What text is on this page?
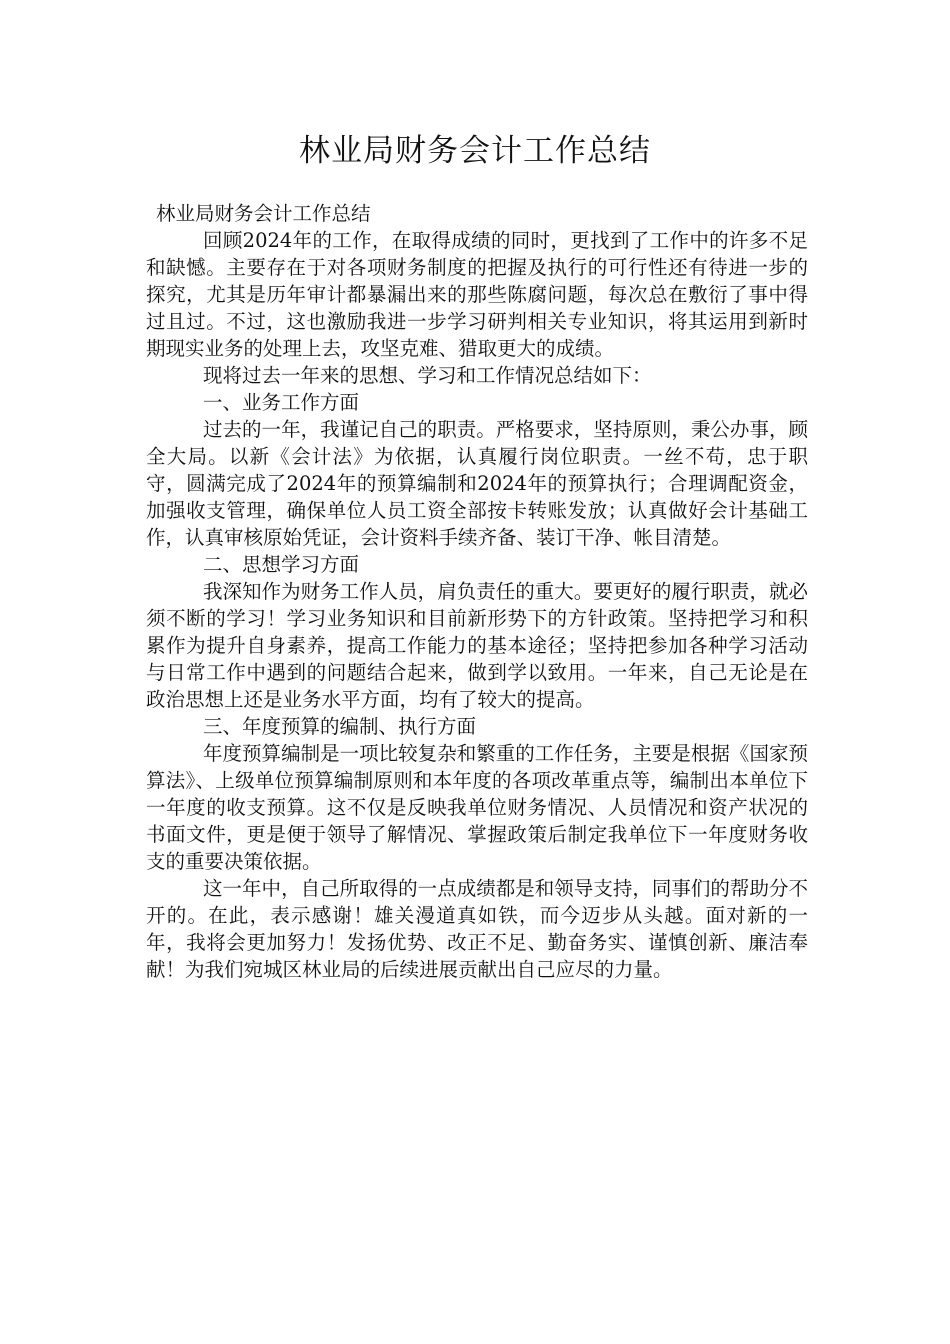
林业局财务会计工作总结

林业局财务会计工作总结

回顾2024年的工作，在取得成绩的同时，更找到了工作中的许多不足和缺憾。主要存在于对各项财务制度的把握及执行的可行性还有待进一步的探究，尤其是历年审计都暴漏出来的那些陈腐问题，每次总在敷衍了事中得过且过。不过，这也激励我进一步学习研判相关专业知识，将其运用到新时期现实业务的处理上去，攻坚克难、猎取更大的成绩。

现将过去一年来的思想、学习和工作情况总结如下：

一、业务工作方面

过去的一年，我谨记自己的职责。严格要求，坚持原则，秉公办事，顾全大局。以新《会计法》为依据，认真履行岗位职责。一丝不苟，忠于职守，圆满完成了2024年的预算编制和2024年的预算执行；合理调配资金，加强收支管理，确保单位人员工资全部按卡转账发放；认真做好会计基础工作，认真审核原始凭证，会计资料手续齐备、装订干净、帐目清楚。

二、思想学习方面

我深知作为财务工作人员，肩负责任的重大。要更好的履行职责，就必须不断的学习！学习业务知识和目前新形势下的方针政策。坚持把学习和积累作为提升自身素养，提高工作能力的基本途径；坚持把参加各种学习活动与日常工作中遇到的问题结合起来，做到学以致用。一年来，自己无论是在政治思想上还是业务水平方面，均有了较大的提高。

三、年度预算的编制、执行方面

年度预算编制是一项比较复杂和繁重的工作任务，主要是根据《国家预算法》、上级单位预算编制原则和本年度的各项改革重点等，编制出本单位下一年度的收支预算。这不仅是反映我单位财务情况、人员情况和资产状况的书面文件，更是便于领导了解情况、掌握政策后制定我单位下一年度财务收支的重要决策依据。

这一年中，自己所取得的一点成绩都是和领导支持，同事们的帮助分不开的。在此，表示感谢！雄关漫道真如铁，而今迈步从头越。面对新的一年，我将会更加努力！发扬优势、改正不足、勤奋务实、谨慎创新、廉洁奉献！为我们宛城区林业局的后续进展贡献出自己应尽的力量。
